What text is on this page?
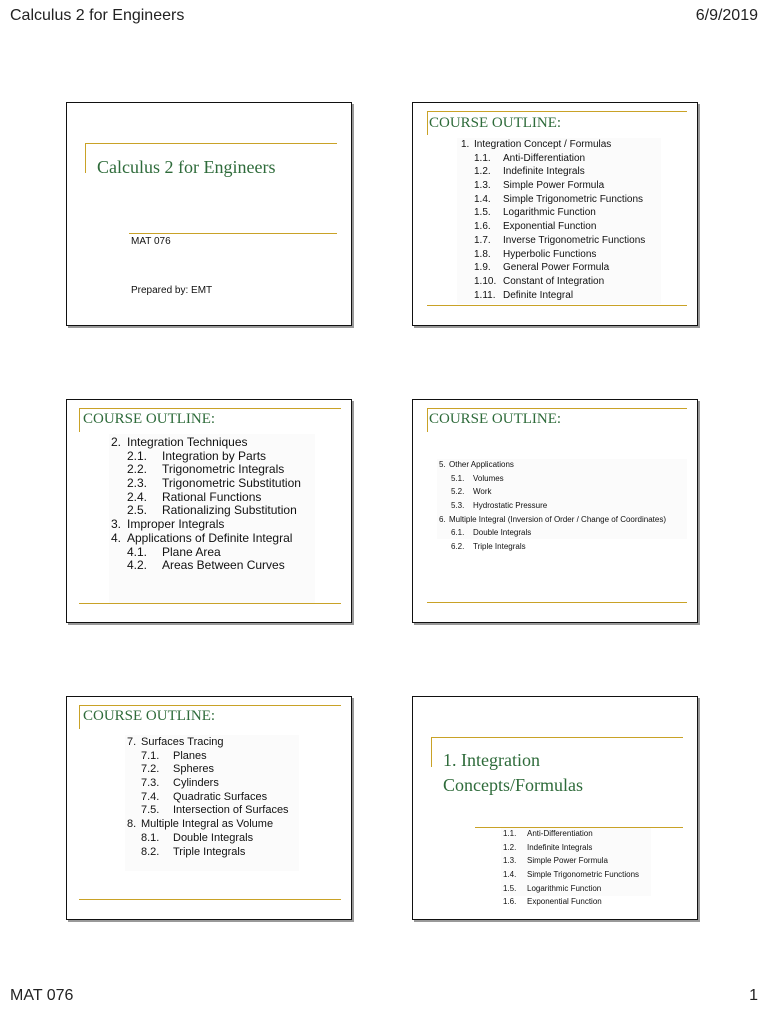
Calculus 2 for Engineers	6/9/2019
MAT 076	1
Calculus 2 for Engineers
MAT 076
Prepared by: EMT
COURSE OUTLINE:
1. Integration Concept / Formulas
1.1. Anti-Differentiation
1.2. Indefinite Integrals
1.3. Simple Power Formula
1.4. Simple Trigonometric Functions
1.5. Logarithmic Function
1.6. Exponential Function
1.7. Inverse Trigonometric Functions
1.8. Hyperbolic Functions
1.9. General Power Formula
1.10. Constant of Integration
1.11. Definite Integral
COURSE OUTLINE:
2. Integration Techniques
2.1. Integration by Parts
2.2. Trigonometric Integrals
2.3. Trigonometric Substitution
2.4. Rational Functions
2.5. Rationalizing Substitution
3. Improper Integrals
4. Applications of Definite Integral
4.1. Plane Area
4.2. Areas Between Curves
COURSE OUTLINE:
5. Other Applications
5.1. Volumes
5.2. Work
5.3. Hydrostatic Pressure
6. Multiple Integral (Inversion of Order / Change of Coordinates)
6.1. Double Integrals
6.2. Triple Integrals
COURSE OUTLINE:
7. Surfaces Tracing
7.1. Planes
7.2. Spheres
7.3. Cylinders
7.4. Quadratic Surfaces
7.5. Intersection of Surfaces
8. Multiple Integral as Volume
8.1. Double Integrals
8.2. Triple Integrals
1. Integration
Concepts/Formulas
1.1. Anti-Differentiation
1.2. Indefinite Integrals
1.3. Simple Power Formula
1.4. Simple Trigonometric Functions
1.5. Logarithmic Function
1.6. Exponential Function
